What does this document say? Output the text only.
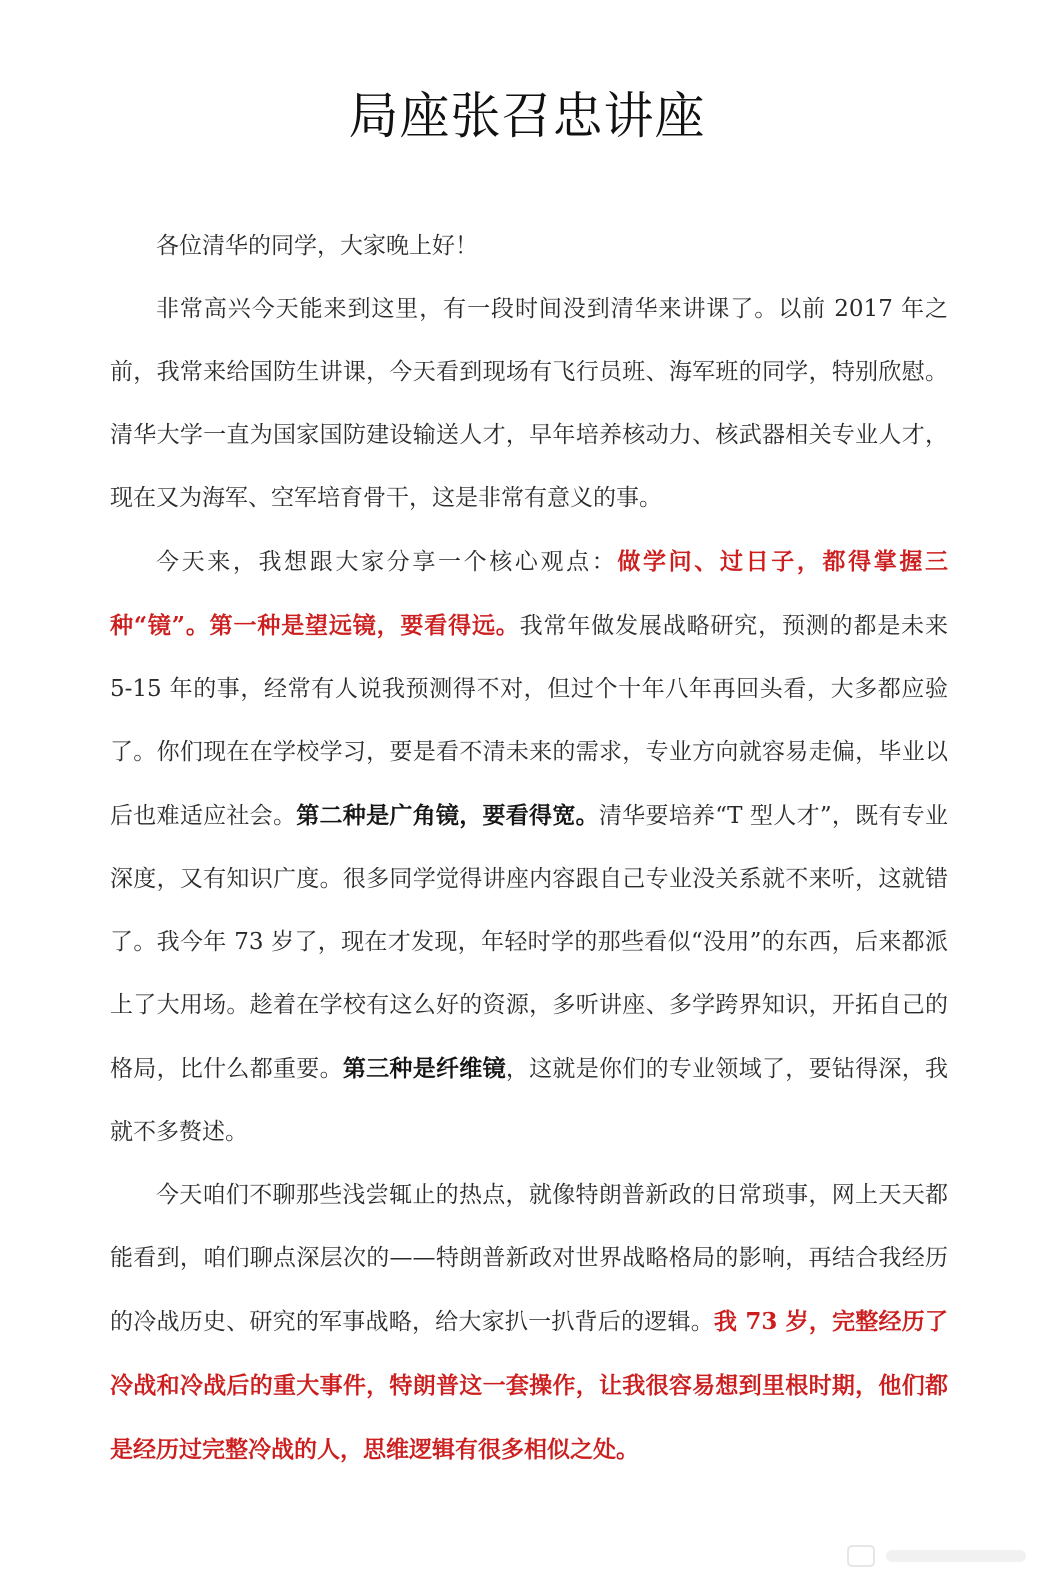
局座张召忠讲座

各位清华的同学，大家晚上好！

非常高兴今天能来到这里，有一段时间没到清华来讲课了。以前 2017 年之前，我常来给国防生讲课，今天看到现场有飞行员班、海军班的同学，特别欣慰。清华大学一直为国家国防建设输送人才，早年培养核动力、核武器相关专业人才，现在又为海军、空军培育骨干，这是非常有意义的事。

今天来，我想跟大家分享一个核心观点：做学问、过日子，都得掌握三种“镜”。第一种是望远镜，要看得远。我常年做发展战略研究，预测的都是未来 5-15 年的事，经常有人说我预测得不对，但过个十年八年再回头看，大多都应验了。你们现在在学校学习，要是看不清未来的需求，专业方向就容易走偏，毕业以后也难适应社会。第二种是广角镜，要看得宽。清华要培养“T 型人才”，既有专业深度，又有知识广度。很多同学觉得讲座内容跟自己专业没关系就不来听，这就错了。我今年 73 岁了，现在才发现，年轻时学的那些看似“没用”的东西，后来都派上了大用场。趁着在学校有这么好的资源，多听讲座、多学跨界知识，开拓自己的格局，比什么都重要。第三种是纤维镜，这就是你们的专业领域了，要钻得深，我就不多赘述。

今天咱们不聊那些浅尝辄止的热点，就像特朗普新政的日常琐事，网上天天都能看到，咱们聊点深层次的——特朗普新政对世界战略格局的影响，再结合我经历的冷战历史、研究的军事战略，给大家扒一扒背后的逻辑。我 73 岁，完整经历了冷战和冷战后的重大事件，特朗普这一套操作，让我很容易想到里根时期，他们都是经历过完整冷战的人，思维逻辑有很多相似之处。
